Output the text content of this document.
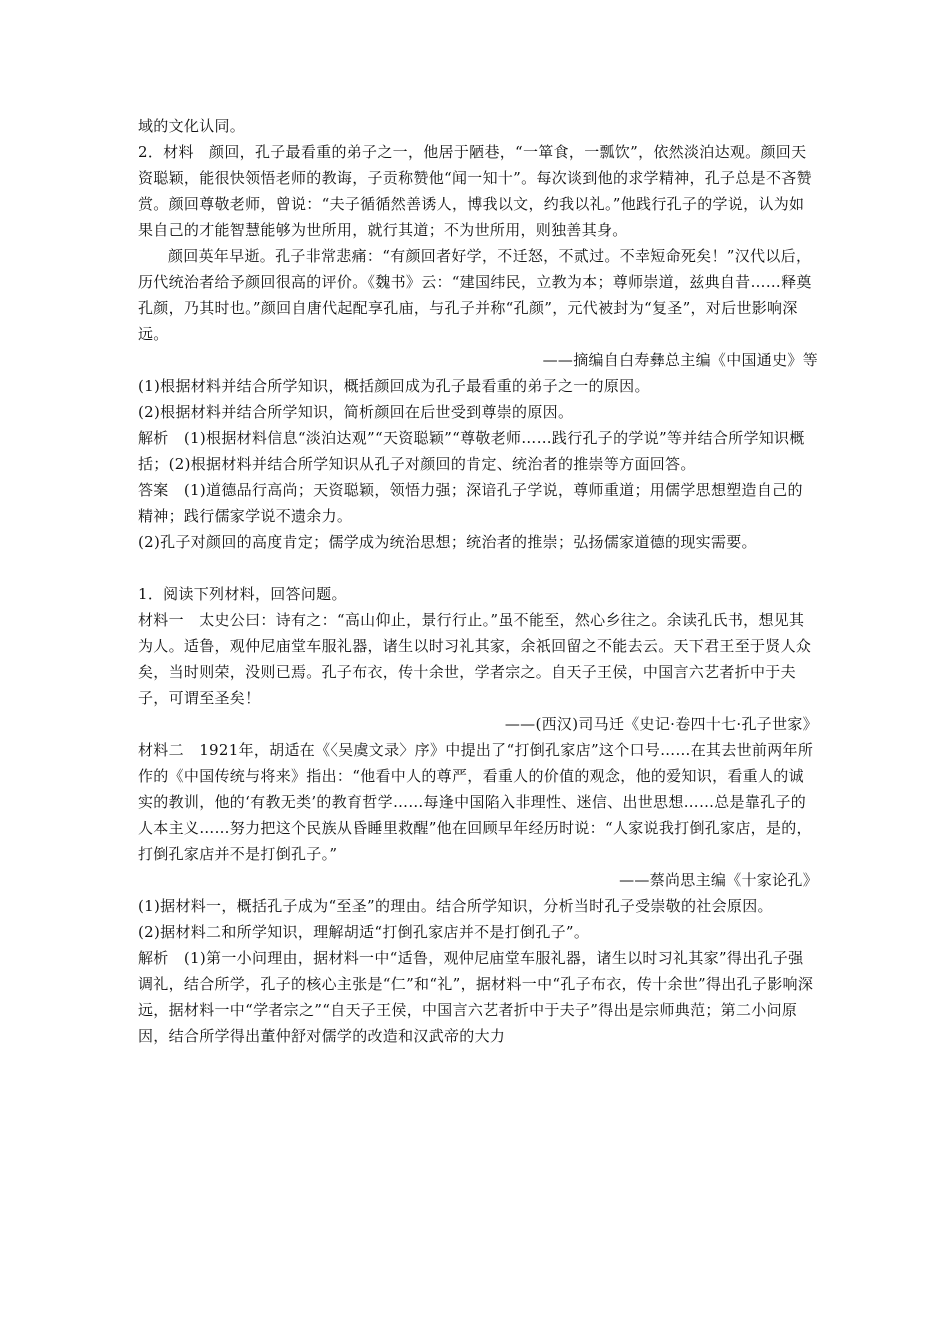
域的文化认同。

2．材料　颜回，孔子最看重的弟子之一，他居于陋巷，“一箪食，一瓢饮”，依然淡泊达观。颜回天资聪颖，能很快领悟老师的教诲，子贡称赞他“闻一知十”。每次谈到他的求学精神，孔子总是不吝赞赏。颜回尊敬老师，曾说：“夫子循循然善诱人，博我以文，约我以礼。”他践行孔子的学说，认为如果自己的才能智慧能够为世所用，就行其道；不为世所用，则独善其身。

颜回英年早逝。孔子非常悲痛：“有颜回者好学，不迁怒，不贰过。不幸短命死矣！”汉代以后，历代统治者给予颜回很高的评价。《魏书》云：“建国纬民，立教为本；尊师崇道，兹典自昔……释奠孔颜，乃其时也。”颜回自唐代起配享孔庙，与孔子并称“孔颜”，元代被封为“复圣”，对后世影响深远。

——摘编自白寿彝总主编《中国通史》等

(1)根据材料并结合所学知识，概括颜回成为孔子最看重的弟子之一的原因。

(2)根据材料并结合所学知识，简析颜回在后世受到尊崇的原因。

解析　(1)根据材料信息“淡泊达观”“天资聪颖”“尊敬老师……践行孔子的学说”等并结合所学知识概括；(2)根据材料并结合所学知识从孔子对颜回的肯定、统治者的推崇等方面回答。

答案　(1)道德品行高尚；天资聪颖，领悟力强；深谙孔子学说，尊师重道；用儒学思想塑造自己的精神；践行儒家学说不遗余力。

(2)孔子对颜回的高度肯定；儒学成为统治思想；统治者的推崇；弘扬儒家道德的现实需要。

1．阅读下列材料，回答问题。

材料一　太史公曰：诗有之：“高山仰止，景行行止。”虽不能至，然心乡往之。余读孔氏书，想见其为人。适鲁，观仲尼庙堂车服礼器，诸生以时习礼其家，余祇回留之不能去云。天下君王至于贤人众矣，当时则荣，没则已焉。孔子布衣，传十余世，学者宗之。自天子王侯，中国言六艺者折中于夫子，可谓至圣矣！

——(西汉)司马迁《史记·卷四十七·孔子世家》

材料二　1921年，胡适在《〈吴虞文录〉序》中提出了“打倒孔家店”这个口号……在其去世前两年所作的《中国传统与将来》指出：“他看中人的尊严，看重人的价值的观念，他的爱知识，看重人的诚实的教训，他的‘有教无类’的教育哲学……每逢中国陷入非理性、迷信、出世思想……总是靠孔子的人本主义……努力把这个民族从昏睡里救醒”他在回顾早年经历时说：“人家说我打倒孔家店，是的，打倒孔家店并不是打倒孔子。”

——蔡尚思主编《十家论孔》

(1)据材料一，概括孔子成为“至圣”的理由。结合所学知识，分析当时孔子受崇敬的社会原因。

(2)据材料二和所学知识，理解胡适“打倒孔家店并不是打倒孔子”。

解析　(1)第一小问理由，据材料一中“适鲁，观仲尼庙堂车服礼器，诸生以时习礼其家”得出孔子强调礼，结合所学，孔子的核心主张是“仁”和“礼”，据材料一中“孔子布衣，传十余世”得出孔子影响深远，据材料一中“学者宗之”“自天子王侯，中国言六艺者折中于夫子”得出是宗师典范；第二小问原因，结合所学得出董仲舒对儒学的改造和汉武帝的大力
